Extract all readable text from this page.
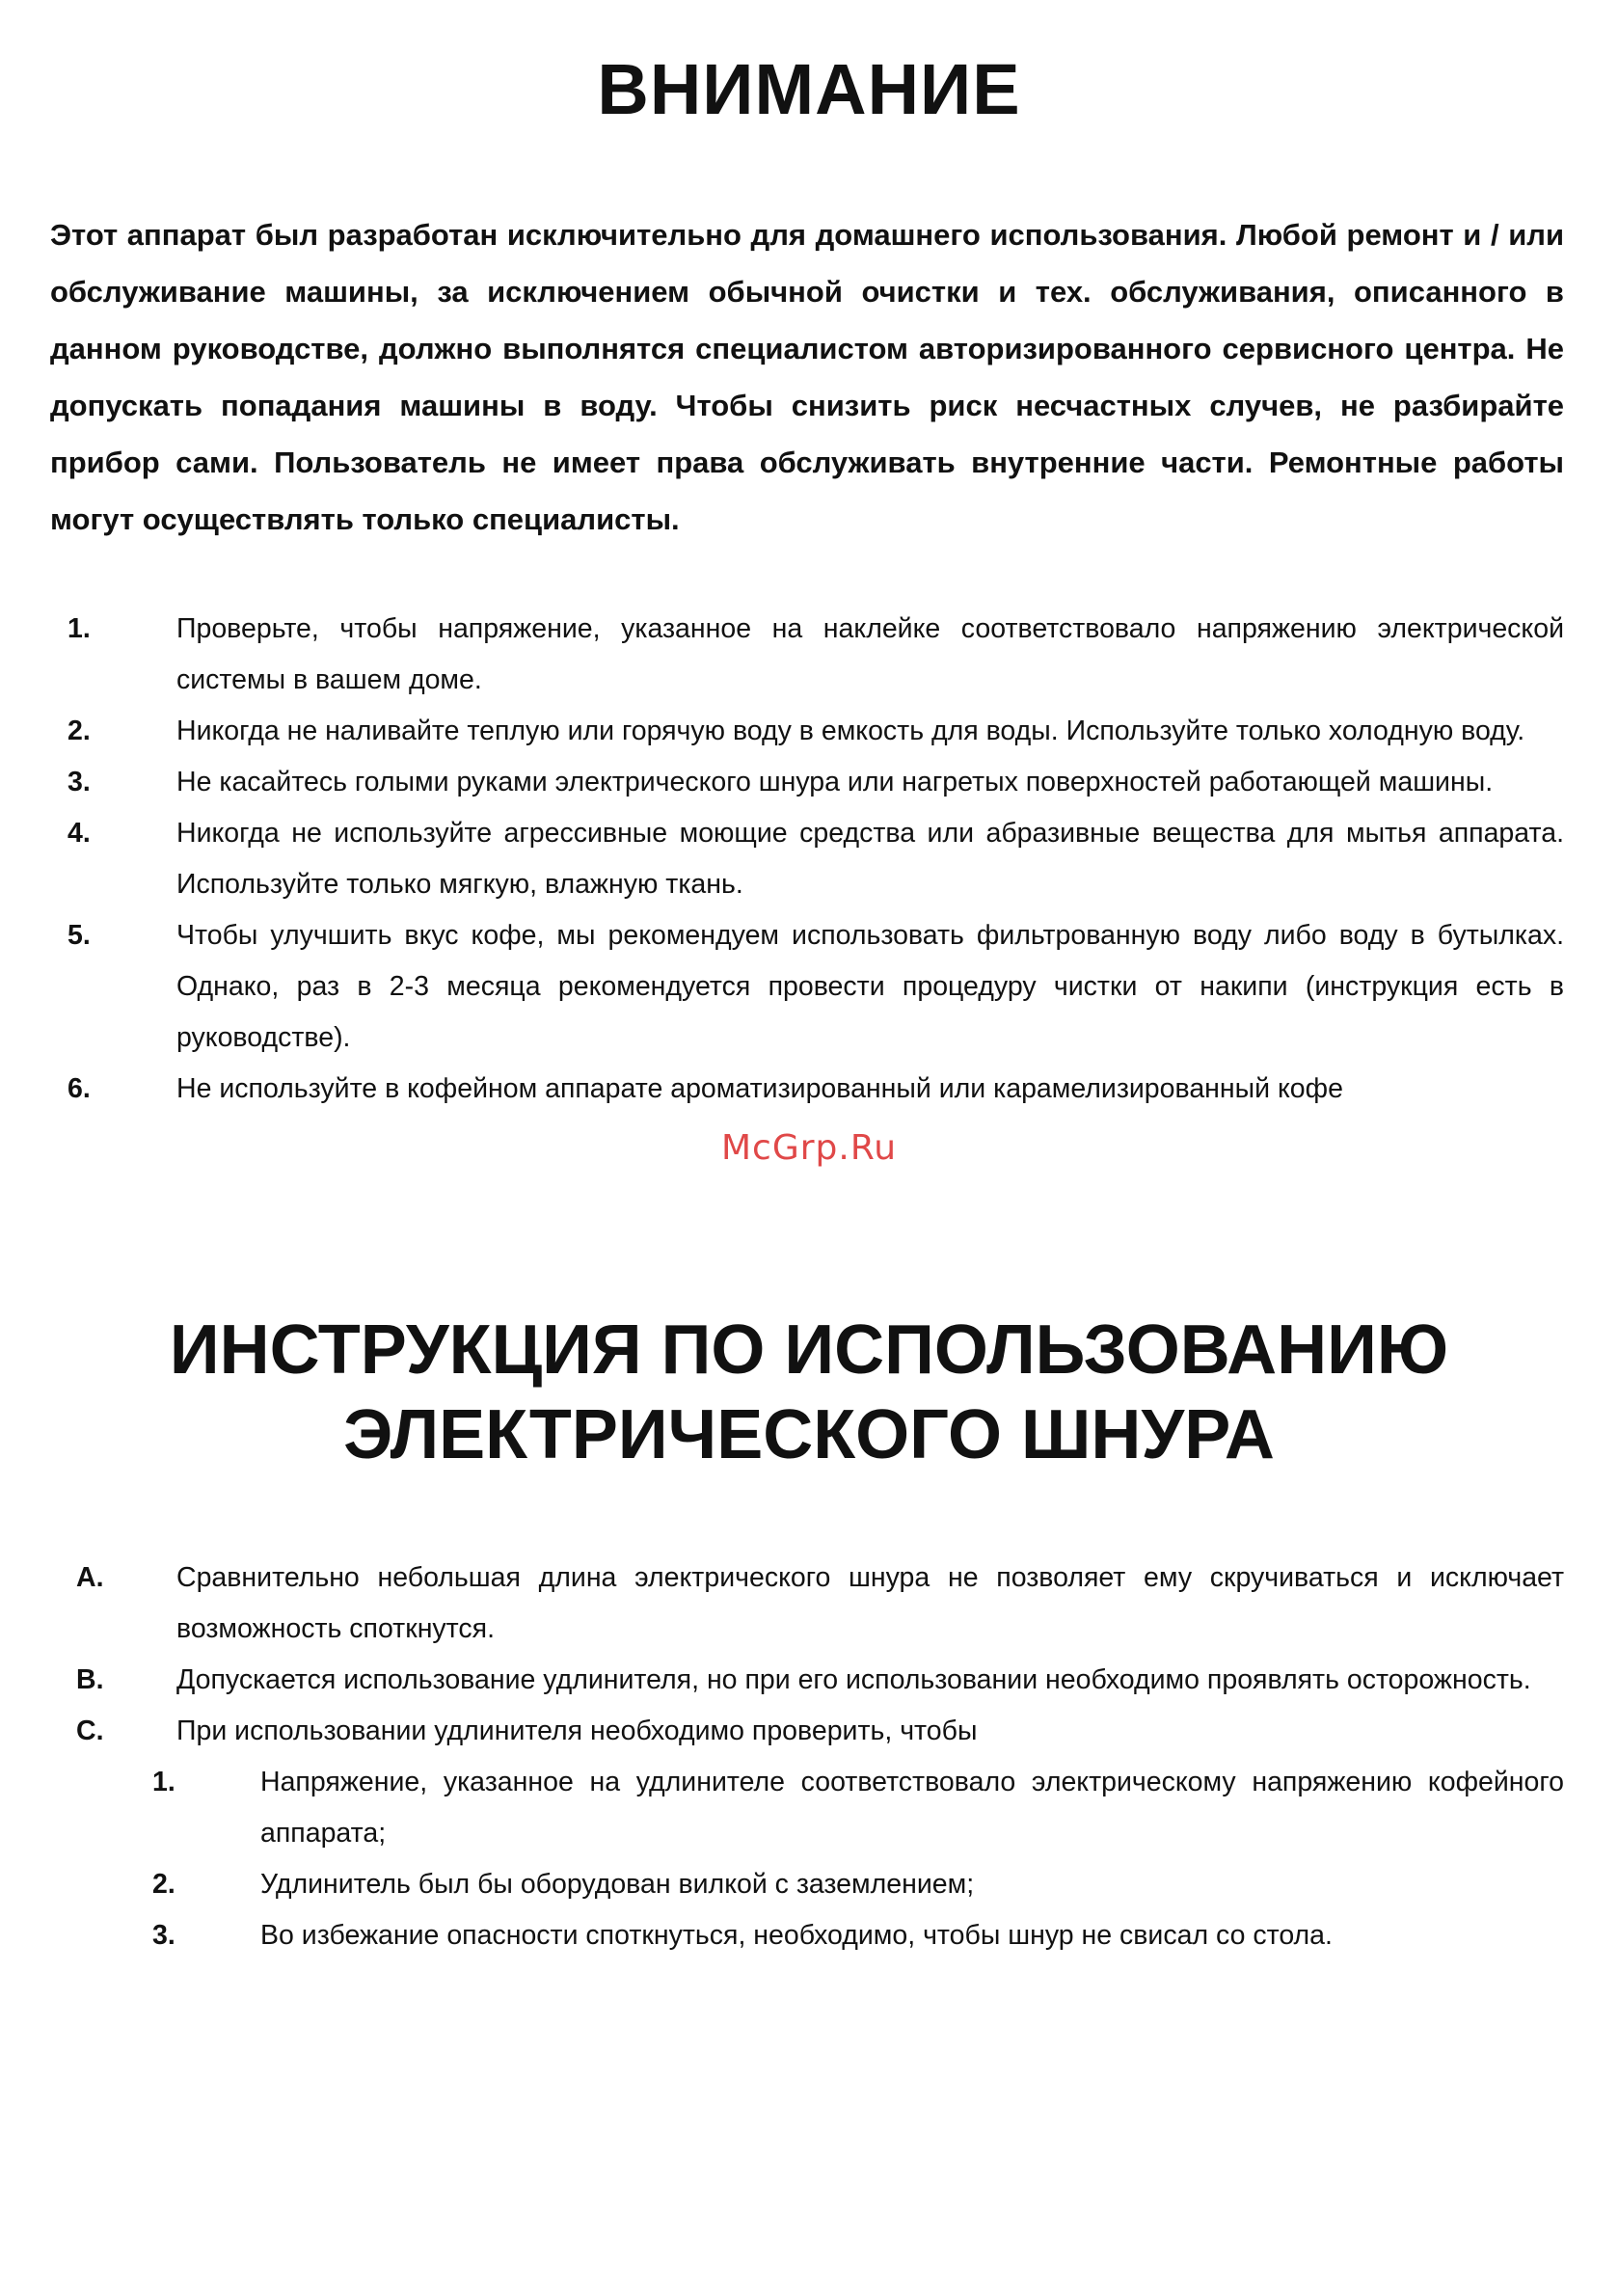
ВНИМАНИЕ
Этот аппарат был разработан исключительно для домашнего использования. Любой ремонт и / или обслуживание машины, за исключением обычной очистки и тех. обслуживания, описанного в данном руководстве, должно выполнятся специалистом авторизированного сервисного центра. Не допускать попадания машины в воду. Чтобы снизить риск несчастных случев, не разбирайте прибор сами. Пользователь не имеет права обслуживать внутренние части. Ремонтные работы могут осуществлять только специалисты.
1.	Проверьте, чтобы напряжение, указанное на наклейке соответствовало напряжению электрической системы в вашем доме.
2.	Никогда не наливайте теплую или горячую воду в емкость для воды. Используйте только холодную воду.
3.	Не касайтесь голыми руками электрического шнура или нагретых поверхностей работающей машины.
4.	Никогда не используйте агрессивные моющие средства или абразивные вещества для мытья аппарата. Используйте только мягкую, влажную ткань.
5.	Чтобы улучшить вкус кофе, мы рекомендуем использовать фильтрованную воду либо воду в бутылках. Однако, раз в 2-3 месяца рекомендуется провести процедуру чистки от накипи (инструкция есть в руководстве).
6.	Не используйте в кофейном аппарате ароматизированный или карамелизированный кофе
McGrp.Ru
ИНСТРУКЦИЯ ПО ИСПОЛЬЗОВАНИЮ
ЭЛЕКТРИЧЕСКОГО ШНУРА
A.	Сравнительно небольшая длина электрического шнура не позволяет ему скручиваться и исключает возможность споткнутся.
B.	Допускается использование удлинителя, но при его использовании необходимо проявлять осторожность.
C.	При использовании удлинителя необходимо проверить, чтобы
1.	Напряжение, указанное на удлинителе соответствовало электрическому напряжению кофейного аппарата;
2.	Удлинитель был бы оборудован вилкой с заземлением;
3.	Во избежание опасности споткнуться, необходимо, чтобы шнур не свисал со стола.
